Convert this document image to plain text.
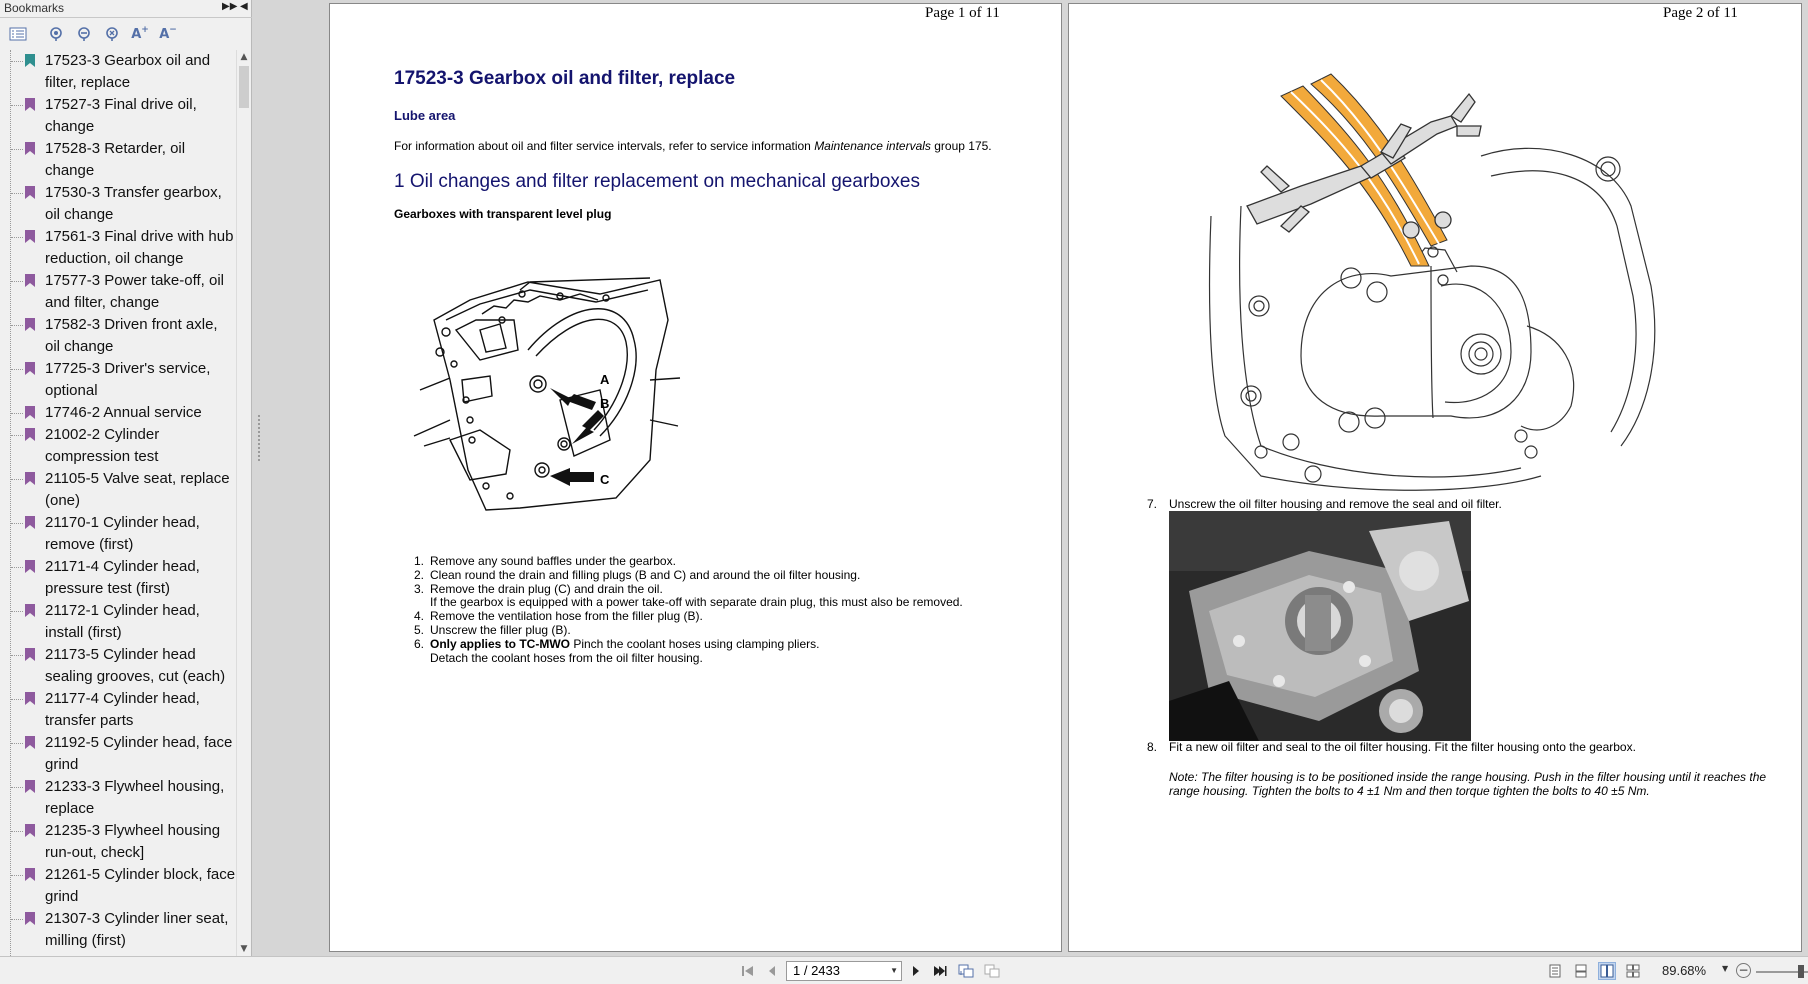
Bookmarks	▶▶ ◀
A + A −
17523-3 Gearbox oil and filter, replace
17527-3 Final drive oil, change
17528-3 Retarder, oil change
17530-3 Transfer gearbox, oil change
17561-3 Final drive with hub reduction, oil change
17577-3 Power take-off, oil and filter, change
17582-3 Driven front axle, oil change
17725-3 Driver's service, optional
17746-2 Annual service
21002-2 Cylinder compression test
21105-5 Valve seat, replace (one)
21170-1 Cylinder head, remove (first)
21171-4 Cylinder head, pressure test (first)
21172-1 Cylinder head, install (first)
21173-5 Cylinder head sealing grooves, cut (each)
21177-4 Cylinder head, transfer parts
21192-5 Cylinder head, face grind
21233-3 Flywheel housing, replace
21235-3 Flywheel housing run-out, check]
21261-5 Cylinder block, face grind
21307-3 Cylinder liner seat, milling (first)
▲
▼
Page 1 of 11
17523-3 Gearbox oil and filter, replace
Lube area
For information about oil and filter service intervals, refer to service information Maintenance intervals group 175.
1 Oil changes and filter replacement on mechanical gearboxes
Gearboxes with transparent level plug
B
A
C
1. Remove any sound baffles under the gearbox.
2. Clean round the drain and filling plugs (B and C) and around the oil filter housing.
3. Remove the drain plug (C) and drain the oil.
If the gearbox is equipped with a power take-off with separate drain plug, this must also be removed.
4. Remove the ventilation hose from the filler plug (B).
5. Unscrew the filler plug (B).
6. Only applies to TC-MWO Pinch the coolant hoses using clamping pliers.
Detach the coolant hoses from the oil filter housing.
Page 2 of 11
7. Unscrew the oil filter housing and remove the seal and oil filter.
8. Fit a new oil filter and seal to the oil filter housing. Fit the filter housing onto the gearbox.
Note: The filter housing is to be positioned inside the range housing. Push in the filter housing until it reaches the range housing. Tighten the bolts to 4 ±1 Nm and then torque tighten the bolts to 40 ±5 Nm.
1 / 2433	▼	89.68% ▼ −
